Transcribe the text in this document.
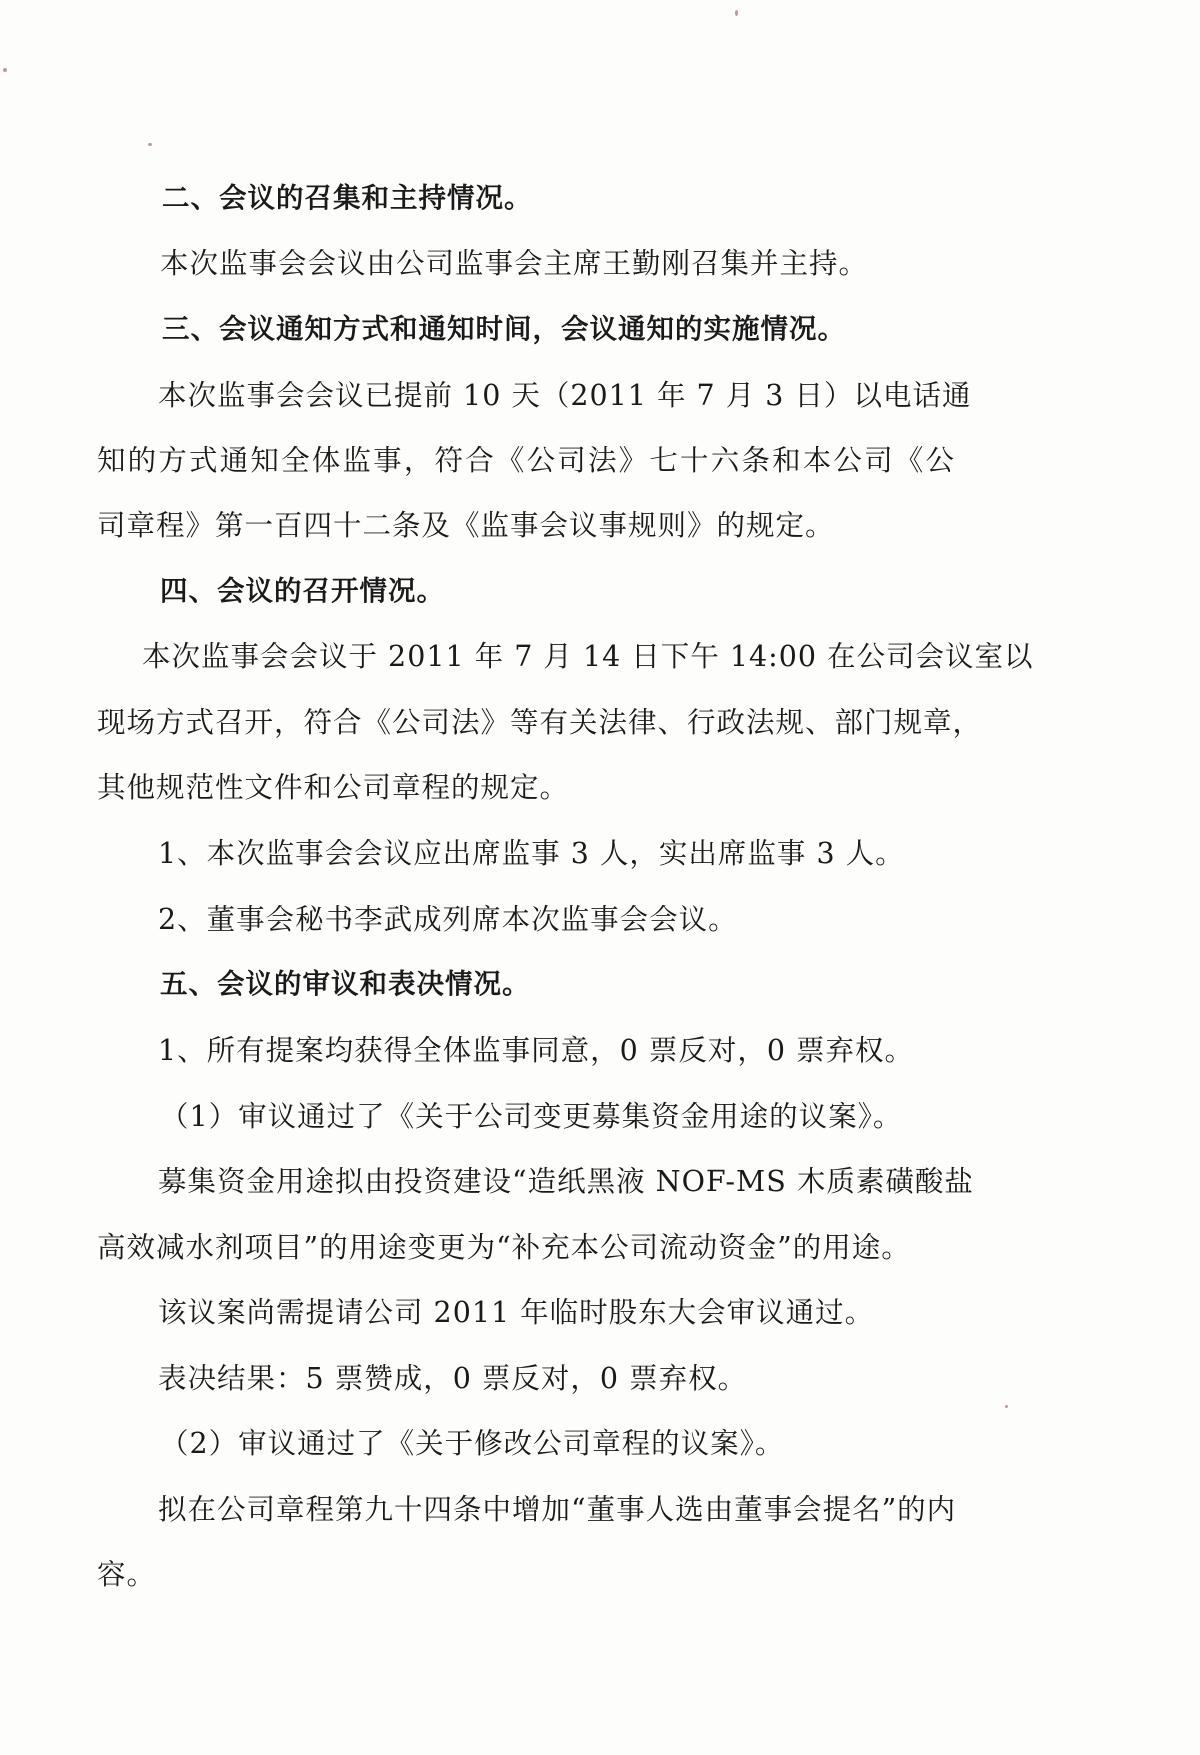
二、会议的召集和主持情况。
本次监事会会议由公司监事会主席王勤刚召集并主持。
三、会议通知方式和通知时间，会议通知的实施情况。
本次监事会会议已提前 10 天（2011 年 7 月 3 日）以电话通
知的方式通知全体监事，符合《公司法》七十六条和本公司《公
司章程》第一百四十二条及《监事会议事规则》的规定。
四、会议的召开情况。
本次监事会会议于 2011 年 7 月 14 日下午 14:00 在公司会议室以
现场方式召开，符合《公司法》等有关法律、行政法规、部门规章，
其他规范性文件和公司章程的规定。
1、本次监事会会议应出席监事 3 人，实出席监事 3 人。
2、董事会秘书李武成列席本次监事会会议。
五、会议的审议和表决情况。
1、所有提案均获得全体监事同意，0 票反对，0 票弃权。
（1）审议通过了《关于公司变更募集资金用途的议案》。
募集资金用途拟由投资建设“造纸黑液 NOF-MS 木质素磺酸盐
高效减水剂项目”的用途变更为“补充本公司流动资金”的用途。
该议案尚需提请公司 2011 年临时股东大会审议通过。
表决结果：5 票赞成，0 票反对，0 票弃权。
（2）审议通过了《关于修改公司章程的议案》。
拟在公司章程第九十四条中增加“董事人选由董事会提名”的内
容。
